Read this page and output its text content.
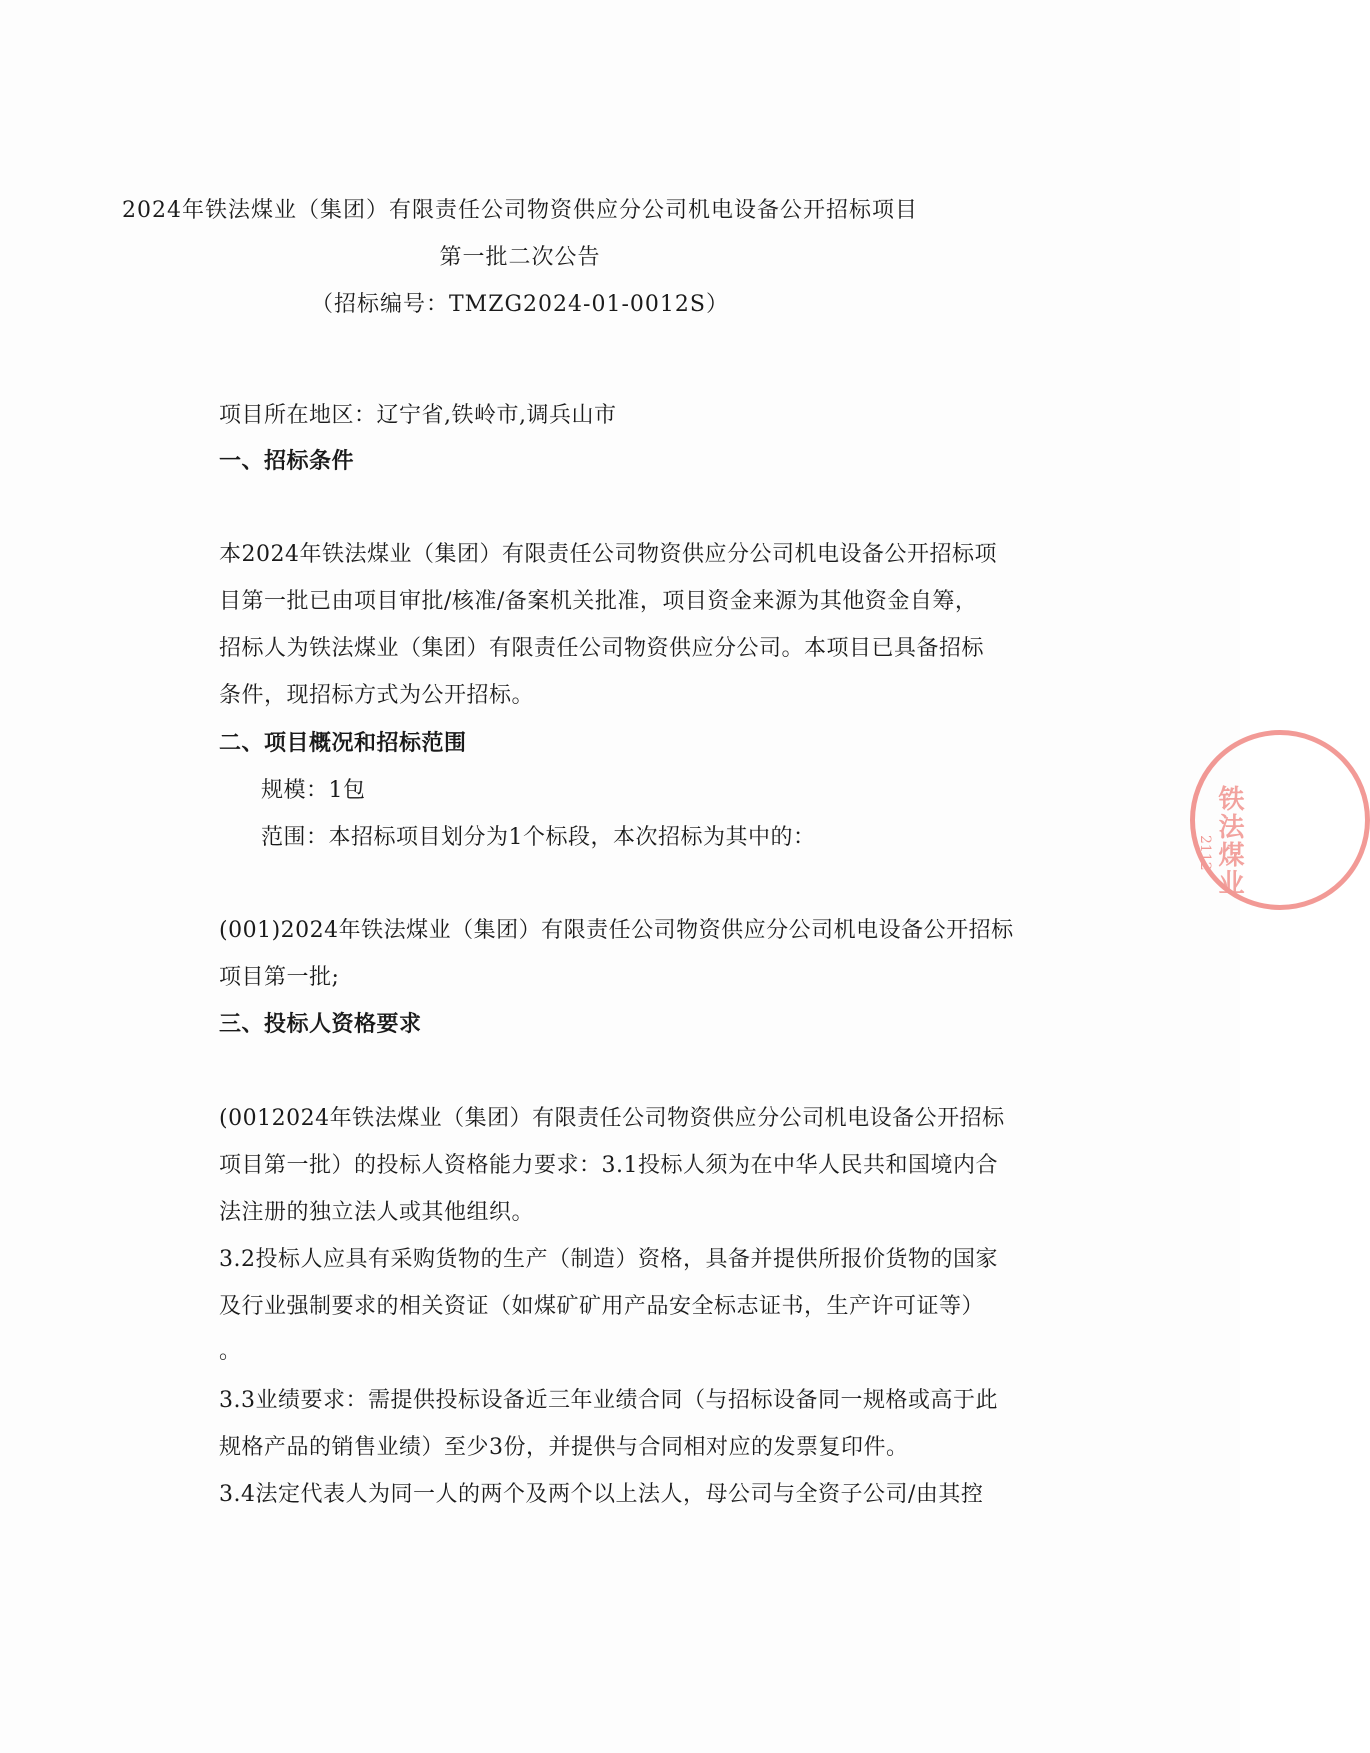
2024年铁法煤业（集团）有限责任公司物资供应分公司机电设备公开招标项目
第一批二次公告
（招标编号：TMZG2024-01-0012S）
项目所在地区：辽宁省,铁岭市,调兵山市
一、招标条件
本2024年铁法煤业（集团）有限责任公司物资供应分公司机电设备公开招标项
目第一批已由项目审批/核准/备案机关批准，项目资金来源为其他资金自筹，
招标人为铁法煤业（集团）有限责任公司物资供应分公司。本项目已具备招标
条件，现招标方式为公开招标。
二、项目概况和招标范围
规模：1包
范围：本招标项目划分为1个标段，本次招标为其中的：
(001)2024年铁法煤业（集团）有限责任公司物资供应分公司机电设备公开招标
项目第一批;
三、投标人资格要求
(0012024年铁法煤业（集团）有限责任公司物资供应分公司机电设备公开招标
项目第一批）的投标人资格能力要求：3.1投标人须为在中华人民共和国境内合
法注册的独立法人或其他组织。
3.2投标人应具有采购货物的生产（制造）资格，具备并提供所报价货物的国家
及行业强制要求的相关资证（如煤矿矿用产品安全标志证书，生产许可证等）
。
3.3业绩要求：需提供投标设备近三年业绩合同（与招标设备同一规格或高于此
规格产品的销售业绩）至少3份，并提供与合同相对应的发票复印件。
3.4法定代表人为同一人的两个及两个以上法人，母公司与全资子公司/由其控
铁法煤业
2112
